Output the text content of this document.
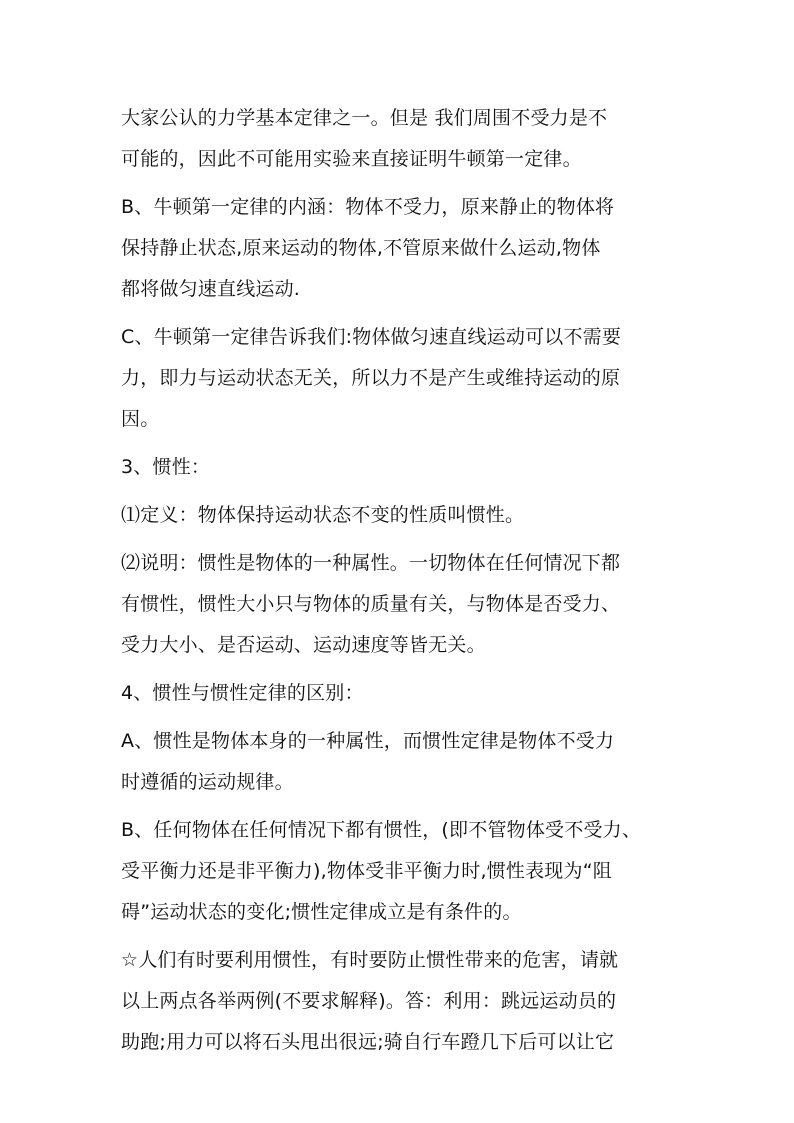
大家公认的力学基本定律之一。但是 我们周围不受力是不
可能的，因此不可能用实验来直接证明牛顿第一定律。
B、牛顿第一定律的内涵：物体不受力，原来静止的物体将
保持静止状态,原来运动的物体,不管原来做什么运动,物体
都将做匀速直线运动.
C、牛顿第一定律告诉我们:物体做匀速直线运动可以不需要
力，即力与运动状态无关，所以力不是产生或维持运动的原
因。
3、惯性：
⑴定义：物体保持运动状态不变的性质叫惯性。
⑵说明：惯性是物体的一种属性。一切物体在任何情况下都
有惯性，惯性大小只与物体的质量有关，与物体是否受力、
受力大小、是否运动、运动速度等皆无关。
4、惯性与惯性定律的区别：
A、惯性是物体本身的一种属性，而惯性定律是物体不受力
时遵循的运动规律。
B、任何物体在任何情况下都有惯性，(即不管物体受不受力、
受平衡力还是非平衡力),物体受非平衡力时,惯性表现为“阻
碍”运动状态的变化;惯性定律成立是有条件的。
☆人们有时要利用惯性，有时要防止惯性带来的危害，请就
以上两点各举两例(不要求解释)。答：利用：跳远运动员的
助跑;用力可以将石头甩出很远;骑自行车蹬几下后可以让它
